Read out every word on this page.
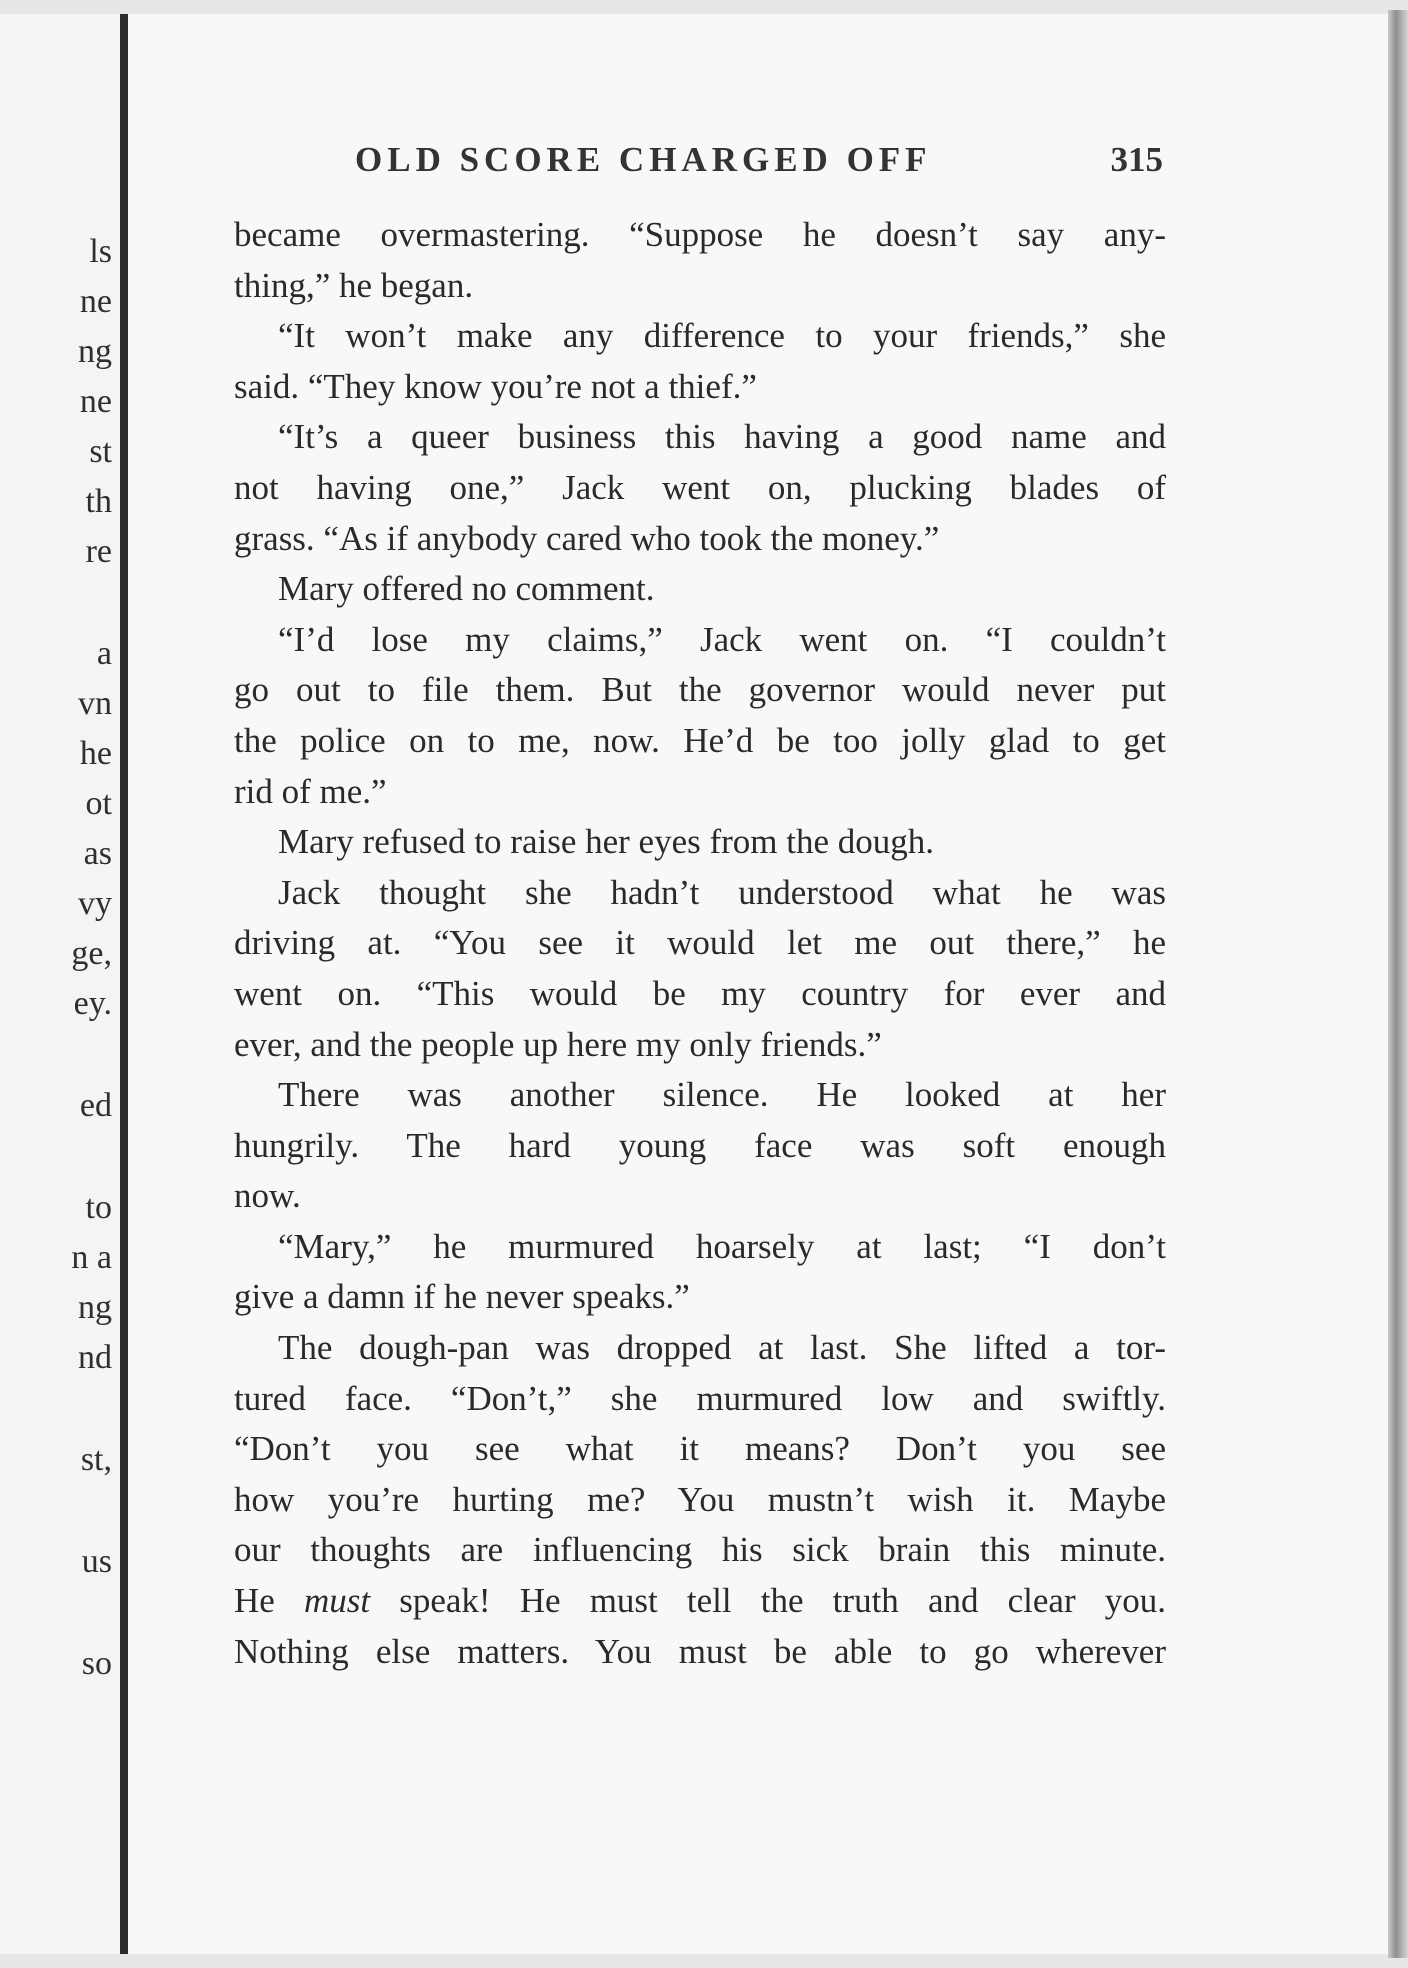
ls
ne
ng
ne
st
th
re
a
vn
he
ot
as
vy
ge,
ey.
ed
to
n a
ng
nd
st,
us
so
OLD SCORE CHARGED OFF	315
became overmastering. “Suppose he doesn’t say any-
thing,” he began.
“It won’t make any difference to your friends,” she
said. “They know you’re not a thief.”
“It’s a queer business this having a good name and
not having one,” Jack went on, plucking blades of
grass. “As if anybody cared who took the money.”
Mary offered no comment.
“I’d lose my claims,” Jack went on. “I couldn’t
go out to file them. But the governor would never put
the police on to me, now. He’d be too jolly glad to get
rid of me.”
Mary refused to raise her eyes from the dough.
Jack thought she hadn’t understood what he was
driving at. “You see it would let me out there,” he
went on. “This would be my country for ever and
ever, and the people up here my only friends.”
There was another silence. He looked at her
hungrily. The hard young face was soft enough
now.
“Mary,” he murmured hoarsely at last; “I don’t
give a damn if he never speaks.”
The dough-pan was dropped at last. She lifted a tor-
tured face. “Don’t,” she murmured low and swiftly.
“Don’t you see what it means? Don’t you see
how you’re hurting me? You mustn’t wish it. Maybe
our thoughts are influencing his sick brain this minute.
He must speak! He must tell the truth and clear you.
Nothing else matters. You must be able to go wherever
